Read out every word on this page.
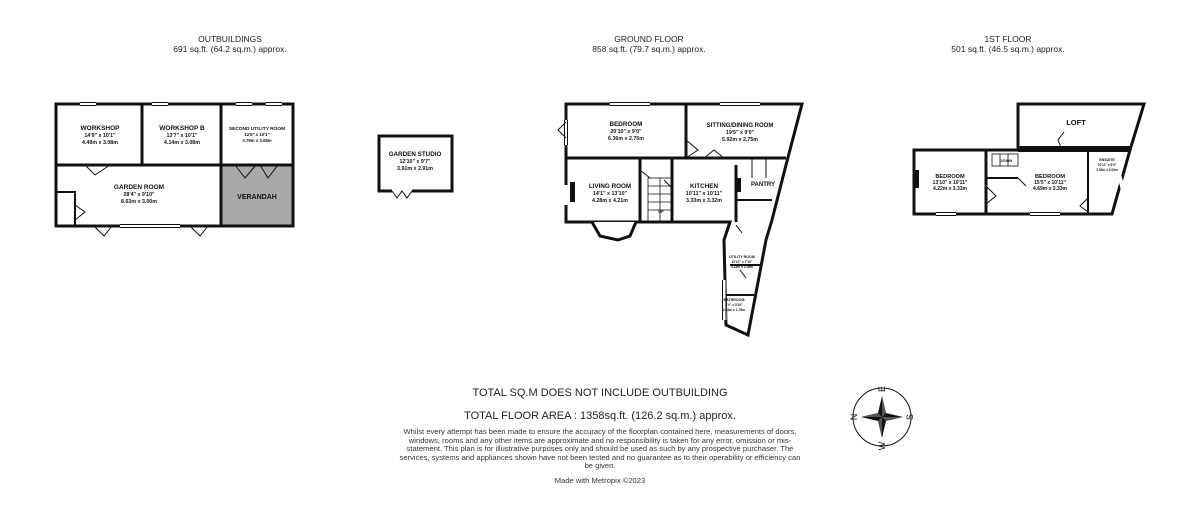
OUTBUILDINGS
691 sq.ft. (64.2 sq.m.) approx.
GROUND FLOOR
858 sq.ft. (79.7 sq.m.) approx.
1ST FLOOR
501 sq.ft. (46.5 sq.m.) approx.
WORKSHOP
14'9" x 10'1"
4.49m x 3.08m
WORKSHOP B
13'7" x 10'1"
4.14m x 3.08m
SECOND UTILITY ROOM
12'5" x 10'1"
3.79m x 3.08m
GARDEN ROOM
28'4" x 9'10"
8.63m x 3.00m
VERANDAH
GARDEN STUDIO
12'10" x 9'7"
3.91m x 2.91m
UP
BEDROOM
20'10" x 9'0"
6.36m x 2.75m
SITTING/DINING ROOM
19'5" x 9'0"
5.92m x 2.75m
LIVING ROOM
14'1" x 13'10"
4.28m x 4.21m
KITCHEN
10'11" x 10'11"
3.33m x 3.32m
PANTRY
UTILITY ROOM
10'11" x 7'10"
3.33m x 2.39m
BATHROOM
8'4" x 5'10"
2.54m x 1.78m
DOWN
LOFT
BEDROOM
13'10" x 10'11"
4.22m x 3.33m
BEDROOM
15'5" x 10'11"
4.69m x 3.33m
ENSUITE
10'11" x 6'9"
3.33m x 2.06m
N
E
S
W
TOTAL SQ.M DOES NOT INCLUDE OUTBUILDING
TOTAL FLOOR AREA : 1358sq.ft. (126.2 sq.m.) approx.
Whilst every attempt has been made to ensure the accuracy of the floorplan contained here, measurements of doors, windows, rooms and any other items are approximate and no responsibility is taken for any error, omission or mis-statement. This plan is for illustrative purposes only and should be used as such by any prospective purchaser. The services, systems and appliances shown have not been tested and no guarantee as to their operability or efficiency can be given.
Made with Metropix ©2023
